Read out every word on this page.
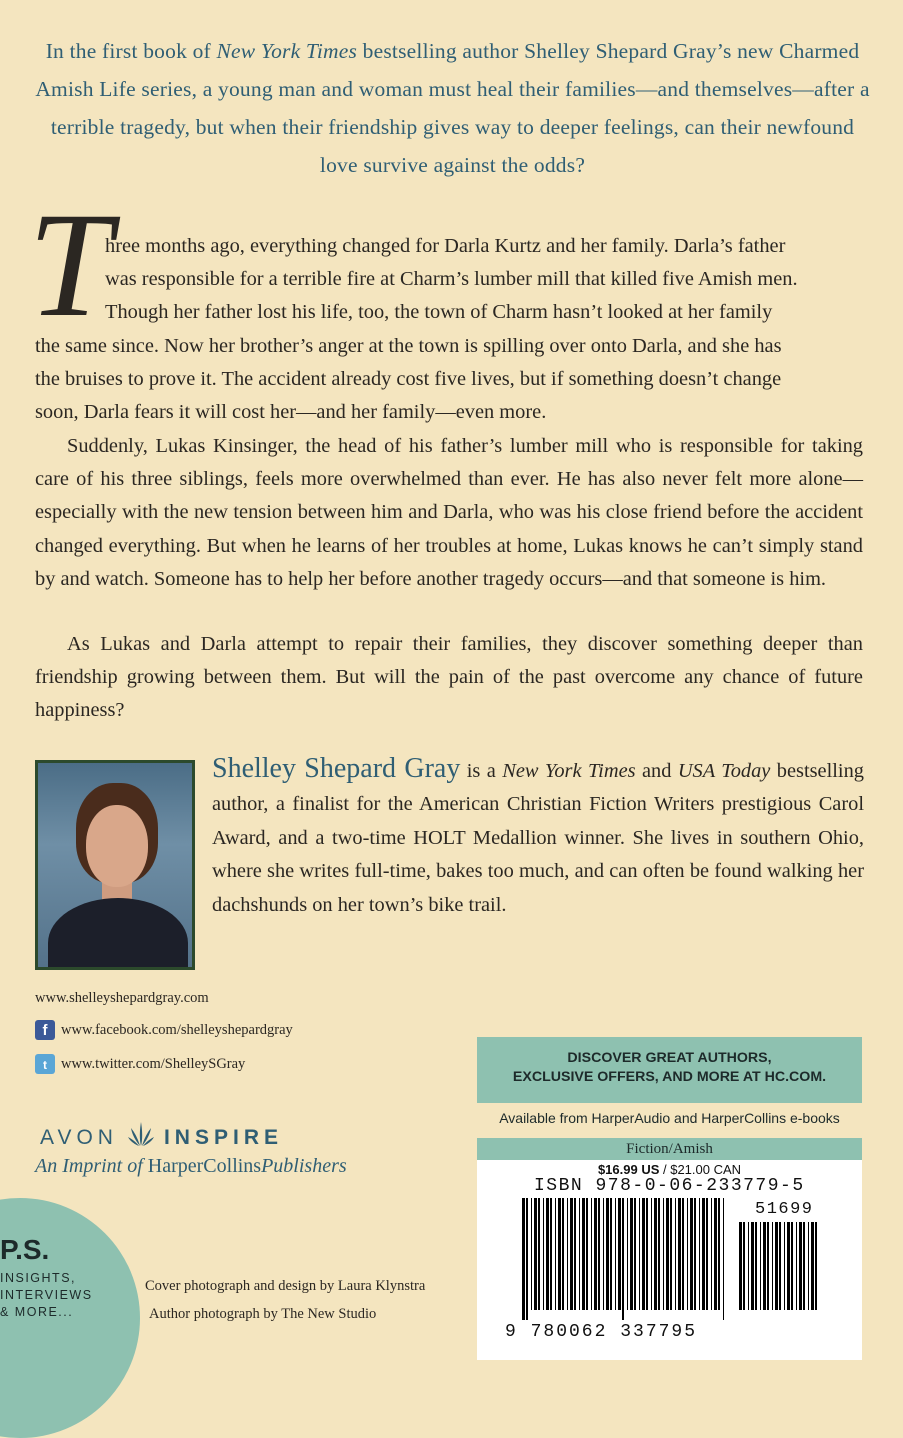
In the first book of New York Times bestselling author Shelley Shepard Gray’s new Charmed Amish Life series, a young man and woman must heal their families—and themselves—after a terrible tragedy, but when their friendship gives way to deeper feelings, can their newfound love survive against the odds?
T
hree months ago, everything changed for Darla Kurtz and her family. Darla’s father
was responsible for a terrible fire at Charm’s lumber mill that killed five Amish men.
Though her father lost his life, too, the town of Charm hasn’t looked at her family
the same since. Now her brother’s anger at the town is spilling over onto Darla, and she has
the bruises to prove it. The accident already cost five lives, but if something doesn’t change
soon, Darla fears it will cost her—and her family—even more.
Suddenly, Lukas Kinsinger, the head of his father’s lumber mill who is responsible for taking care of his three siblings, feels more overwhelmed than ever. He has also never felt more alone—especially with the new tension between him and Darla, who was his close friend before the accident changed everything. But when he learns of her troubles at home, Lukas knows he can’t simply stand by and watch. Someone has to help her before another tragedy occurs—and that someone is him.
As Lukas and Darla attempt to repair their families, they discover something deeper than friendship growing between them. But will the pain of the past overcome any chance of future happiness?
Shelley Shepard Gray is a New York Times and USA Today bestselling author, a finalist for the American Christian Fiction Writers prestigious Carol Award, and a two-time HOLT Medallion winner. She lives in southern Ohio, where she writes full-time, bakes too much, and can often be found walking her dachshunds on her town’s bike trail.
www.shelleyshepardgray.com
f www.facebook.com/shelleyshepardgray
t www.twitter.com/ShelleySGray
AVON INSPIRE
An Imprint of HarperCollinsPublishers
P.S.
INSIGHTS,
INTERVIEWS
& MORE...
Cover photograph and design by Laura Klynstra
Author photograph by The New Studio
DISCOVER GREAT AUTHORS,
EXCLUSIVE OFFERS, AND MORE AT HC.COM.
Available from HarperAudio and HarperCollins e-books
Fiction/Amish
$16.99 US / $21.00 CAN
ISBN 978-0-06-233779-5
51699
9 780062 337795
